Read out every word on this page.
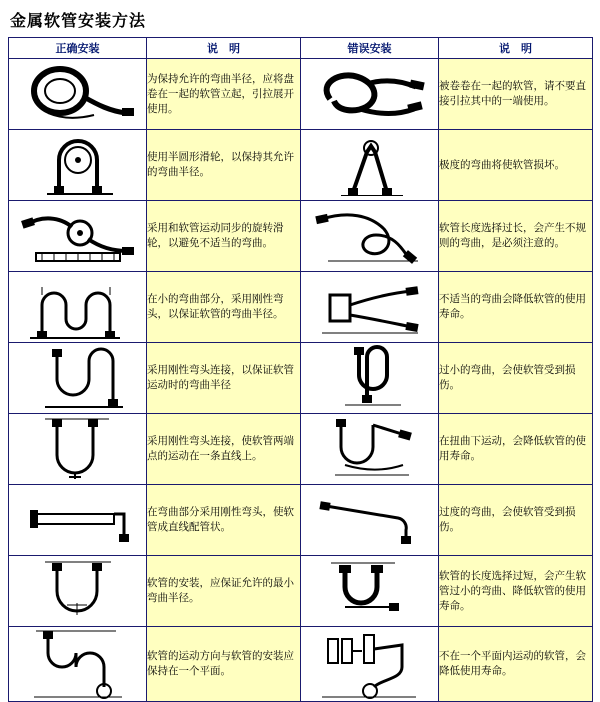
金属软管安装方法
正确安装	说　明	错误安装	说　明

	为保持允许的弯曲半径，应将盘卷在一起的软管立起，引拉展开使用。		被卷卷在一起的软管，请不要直接引拉其中的一端使用。

	使用半圆形滑轮，以保持其允许的弯曲半径。		极度的弯曲将使软管损坏。

	采用和软管运动同步的旋转滑轮，以避免不适当的弯曲。		软管长度选择过长，会产生不规则的弯曲，是必须注意的。

	在小的弯曲部分，采用刚性弯头，以保证软管的弯曲半径。		不适当的弯曲会降低软管的使用寿命。

	采用刚性弯头连接，以保证软管运动时的弯曲半径		过小的弯曲，会使软管受到损伤。

	采用刚性弯头连接，使软管两端点的运动在一条直线上。		在扭曲下运动，会降低软管的使用寿命。

	在弯曲部分采用刚性弯头，使软管成直线配管状。		过度的弯曲，会使软管受到损伤。

	软管的安装，应保证允许的最小弯曲半径。		软管的长度选择过短，会产生软管过小的弯曲、降低软管的使用寿命。

	软管的运动方向与软管的安装应保持在一个平面。		不在一个平面内运动的软管，会降低使用寿命。
